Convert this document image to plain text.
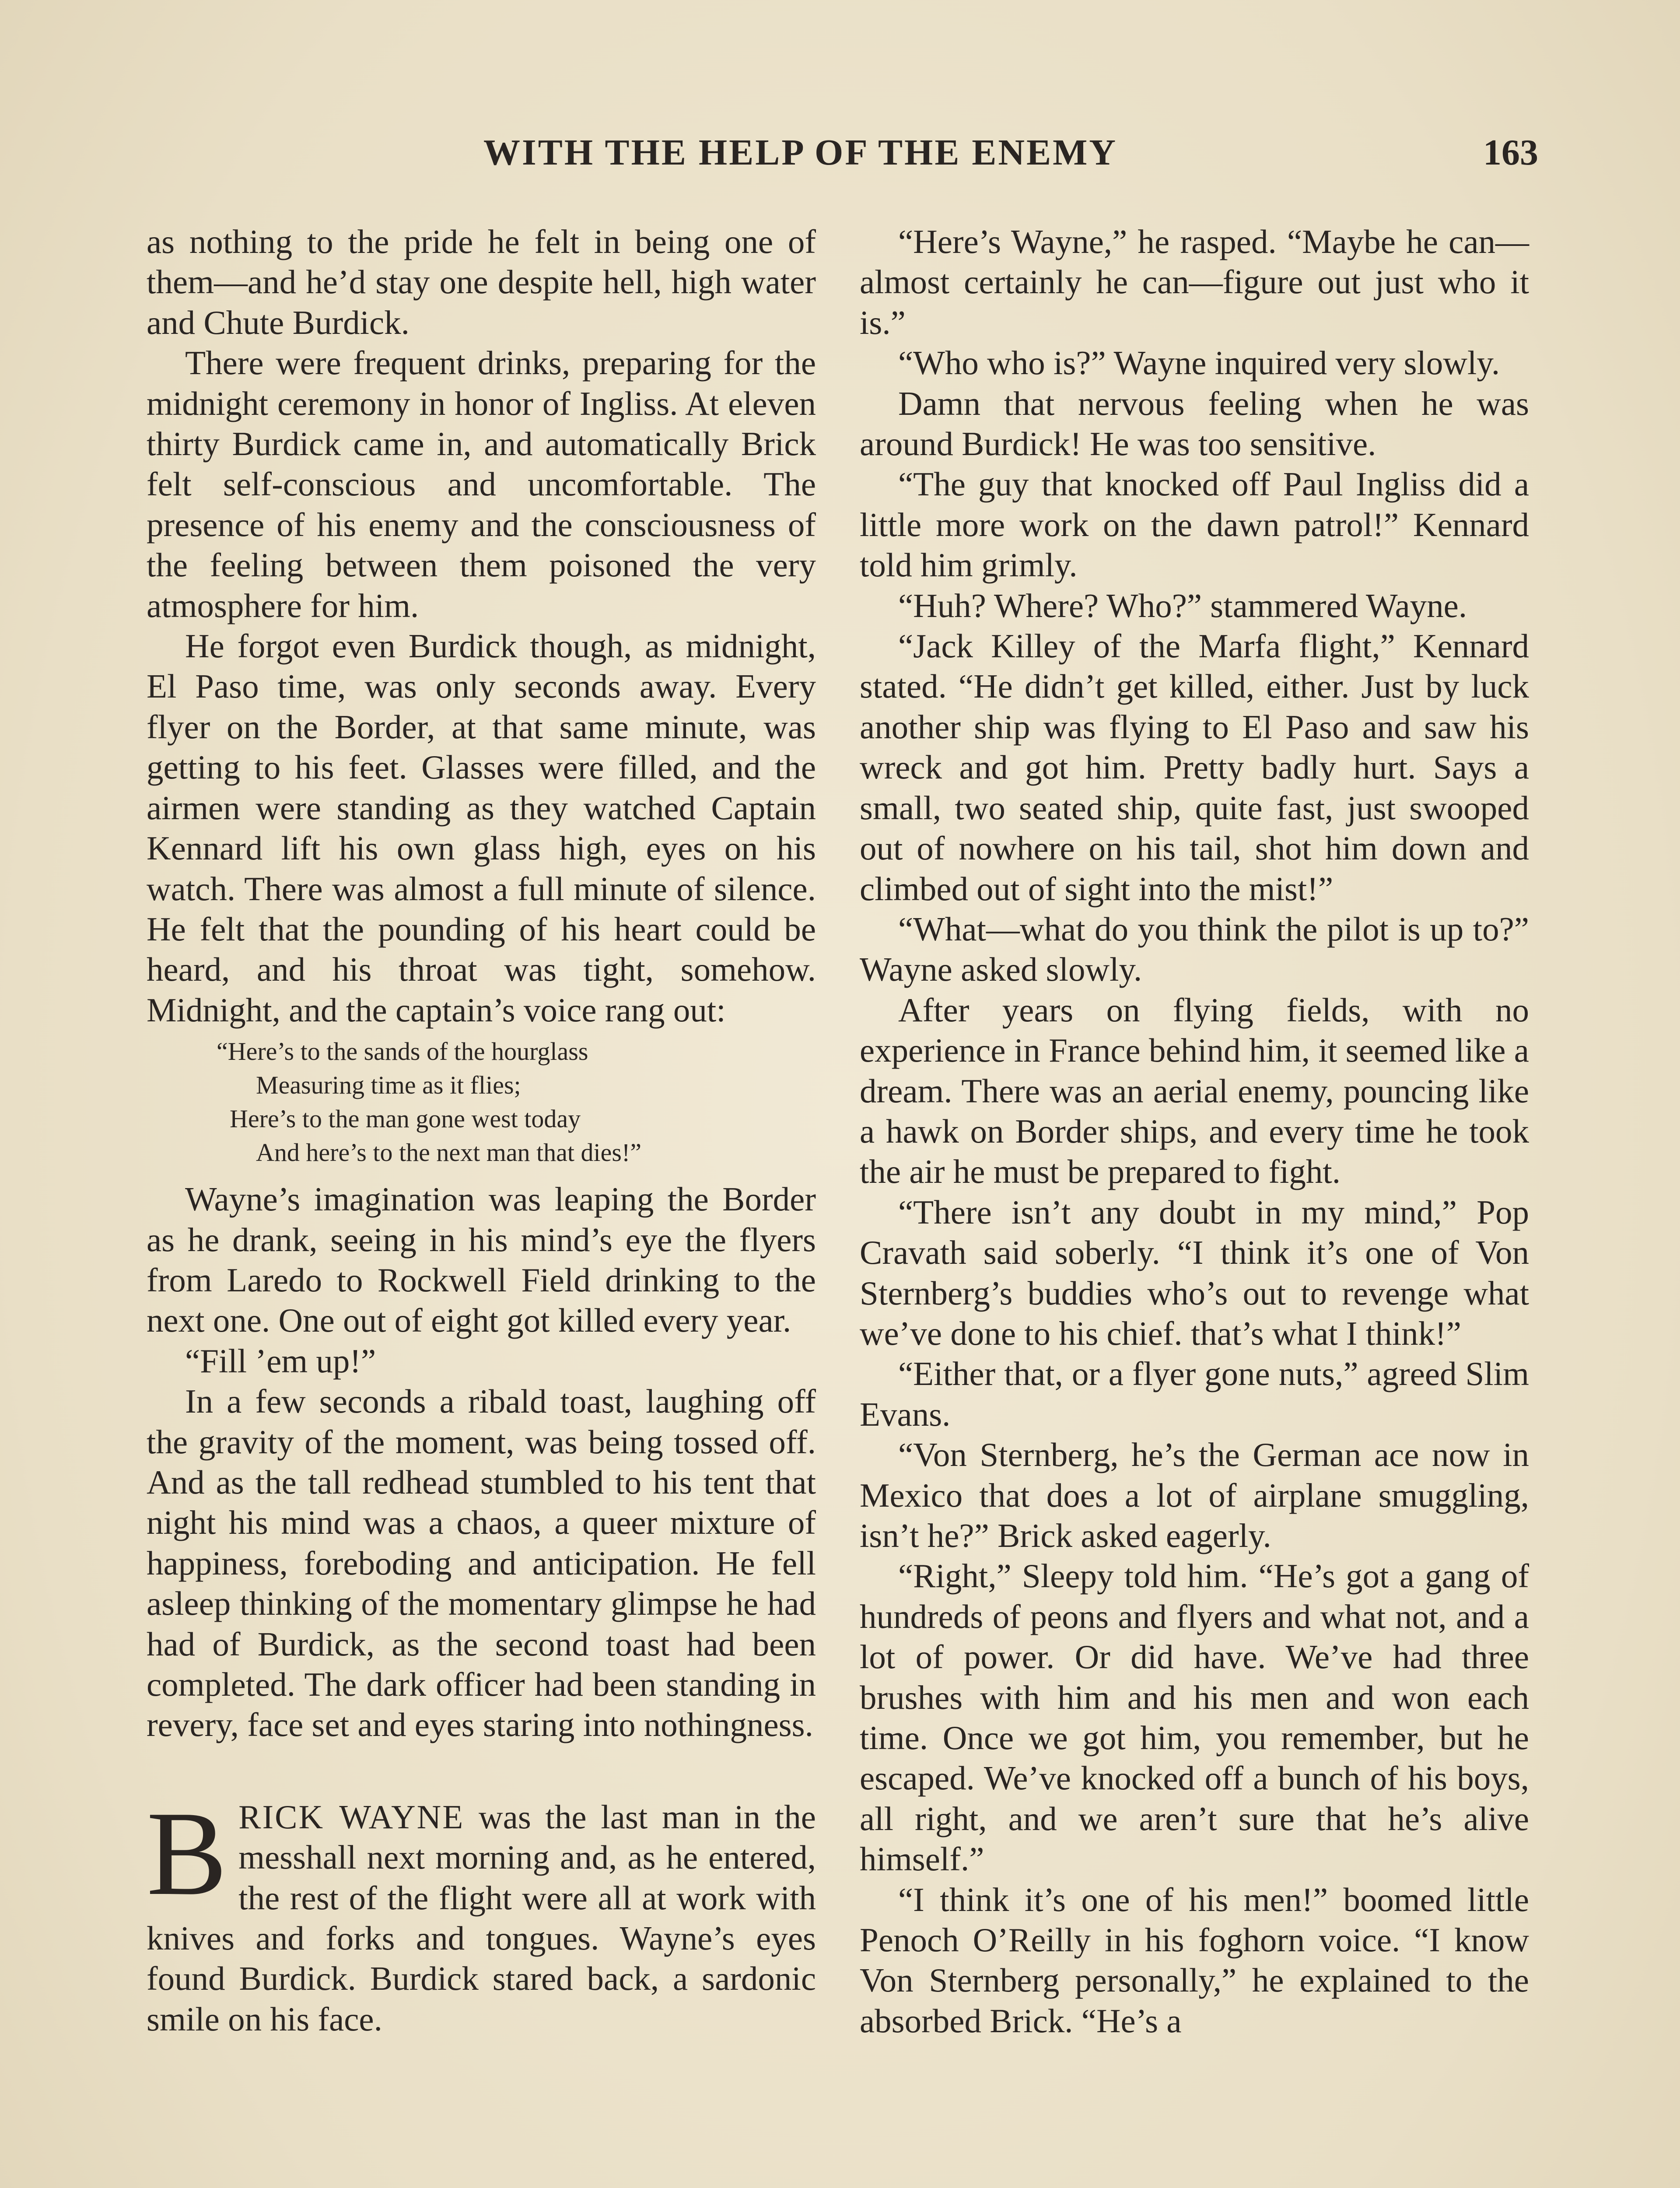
WITH THE HELP OF THE ENEMY	163

as nothing to the pride he felt in being one of them—and he’d stay one despite hell, high water and Chute Burdick.

There were frequent drinks, preparing for the midnight ceremony in honor of Ingliss. At eleven thirty Burdick came in, and automatically Brick felt self-conscious and uncomfortable. The presence of his enemy and the consciousness of the feeling between them poisoned the very atmosphere for him.

He forgot even Burdick though, as midnight, El Paso time, was only seconds away. Every flyer on the Border, at that same minute, was getting to his feet. Glasses were filled, and the airmen were standing as they watched Captain Kennard lift his own glass high, eyes on his watch. There was almost a full minute of silence. He felt that the pounding of his heart could be heard, and his throat was tight, somehow. Midnight, and the captain’s voice rang out:

“Here’s to the sands of the hourglass
Measuring time as it flies;
Here’s to the man gone west today
And here’s to the next man that dies!”

Wayne’s imagination was leaping the Border as he drank, seeing in his mind’s eye the flyers from Laredo to Rockwell Field drinking to the next one. One out of eight got killed every year.

“Fill ’em up!”

In a few seconds a ribald toast, laughing off the gravity of the moment, was being tossed off. And as the tall redhead stumbled to his tent that night his mind was a chaos, a queer mixture of happiness, foreboding and anticipation. He fell asleep thinking of the momentary glimpse he had had of Burdick, as the second toast had been completed. The dark officer had been standing in revery, face set and eyes staring into nothingness.

BRICK WAYNE was the last man in the messhall next morning and, as he entered, the rest of the flight were all at work with knives and forks and tongues. Wayne’s eyes found Burdick. Burdick stared back, a sardonic smile on his face.

“Here’s Wayne,” he rasped. “Maybe he can—almost certainly he can—figure out just who it is.”

“Who who is?” Wayne inquired very slowly.

Damn that nervous feeling when he was around Burdick! He was too sensitive.

“The guy that knocked off Paul Ingliss did a little more work on the dawn patrol!” Kennard told him grimly.

“Huh? Where? Who?” stammered Wayne.

“Jack Killey of the Marfa flight,” Kennard stated. “He didn’t get killed, either. Just by luck another ship was flying to El Paso and saw his wreck and got him. Pretty badly hurt. Says a small, two seated ship, quite fast, just swooped out of nowhere on his tail, shot him down and climbed out of sight into the mist!”

“What—what do you think the pilot is up to?” Wayne asked slowly.

After years on flying fields, with no experience in France behind him, it seemed like a dream. There was an aerial enemy, pouncing like a hawk on Border ships, and every time he took the air he must be prepared to fight.

“There isn’t any doubt in my mind,” Pop Cravath said soberly. “I think it’s one of Von Sternberg’s buddies who’s out to revenge what we’ve done to his chief. that’s what I think!”

“Either that, or a flyer gone nuts,” agreed Slim Evans.

“Von Sternberg, he’s the German ace now in Mexico that does a lot of airplane smuggling, isn’t he?” Brick asked eagerly.

“Right,” Sleepy told him. “He’s got a gang of hundreds of peons and flyers and what not, and a lot of power. Or did have. We’ve had three brushes with him and his men and won each time. Once we got him, you remember, but he escaped. We’ve knocked off a bunch of his boys, all right, and we aren’t sure that he’s alive himself.”

“I think it’s one of his men!” boomed little Penoch O’Reilly in his foghorn voice. “I know Von Sternberg personally,” he explained to the absorbed Brick. “He’s a
